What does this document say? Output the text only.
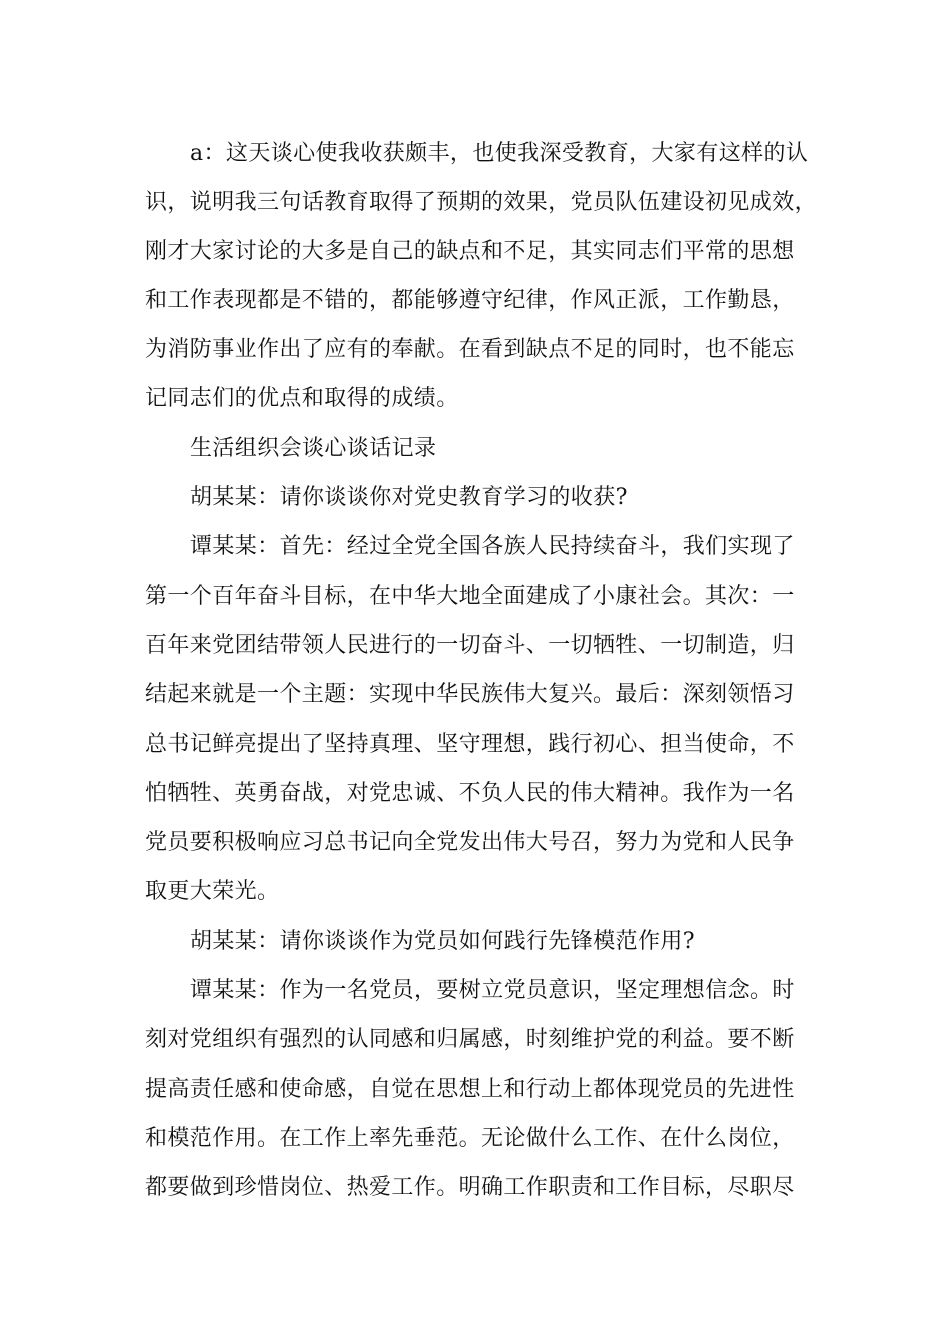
a：这天谈心使我收获颇丰，也使我深受教育，大家有这样的认
识，说明我三句话教育取得了预期的效果，党员队伍建设初见成效，
刚才大家讨论的大多是自己的缺点和不足，其实同志们平常的思想
和工作表现都是不错的，都能够遵守纪律，作风正派，工作勤恳，
为消防事业作出了应有的奉献。在看到缺点不足的同时，也不能忘
记同志们的优点和取得的成绩。
生活组织会谈心谈话记录
胡某某：请你谈谈你对党史教育学习的收获?
谭某某：首先：经过全党全国各族人民持续奋斗，我们实现了
第一个百年奋斗目标，在中华大地全面建成了小康社会。其次：一
百年来党团结带领人民进行的一切奋斗、一切牺牲、一切制造，归
结起来就是一个主题：实现中华民族伟大复兴。最后：深刻领悟习
总书记鲜亮提出了坚持真理、坚守理想，践行初心、担当使命，不
怕牺牲、英勇奋战，对党忠诚、不负人民的伟大精神。我作为一名
党员要积极响应习总书记向全党发出伟大号召，努力为党和人民争
取更大荣光。
胡某某：请你谈谈作为党员如何践行先锋模范作用?
谭某某：作为一名党员，要树立党员意识，坚定理想信念。时
刻对党组织有强烈的认同感和归属感，时刻维护党的利益。要不断
提高责任感和使命感，自觉在思想上和行动上都体现党员的先进性
和模范作用。在工作上率先垂范。无论做什么工作、在什么岗位，
都要做到珍惜岗位、热爱工作。明确工作职责和工作目标，尽职尽
